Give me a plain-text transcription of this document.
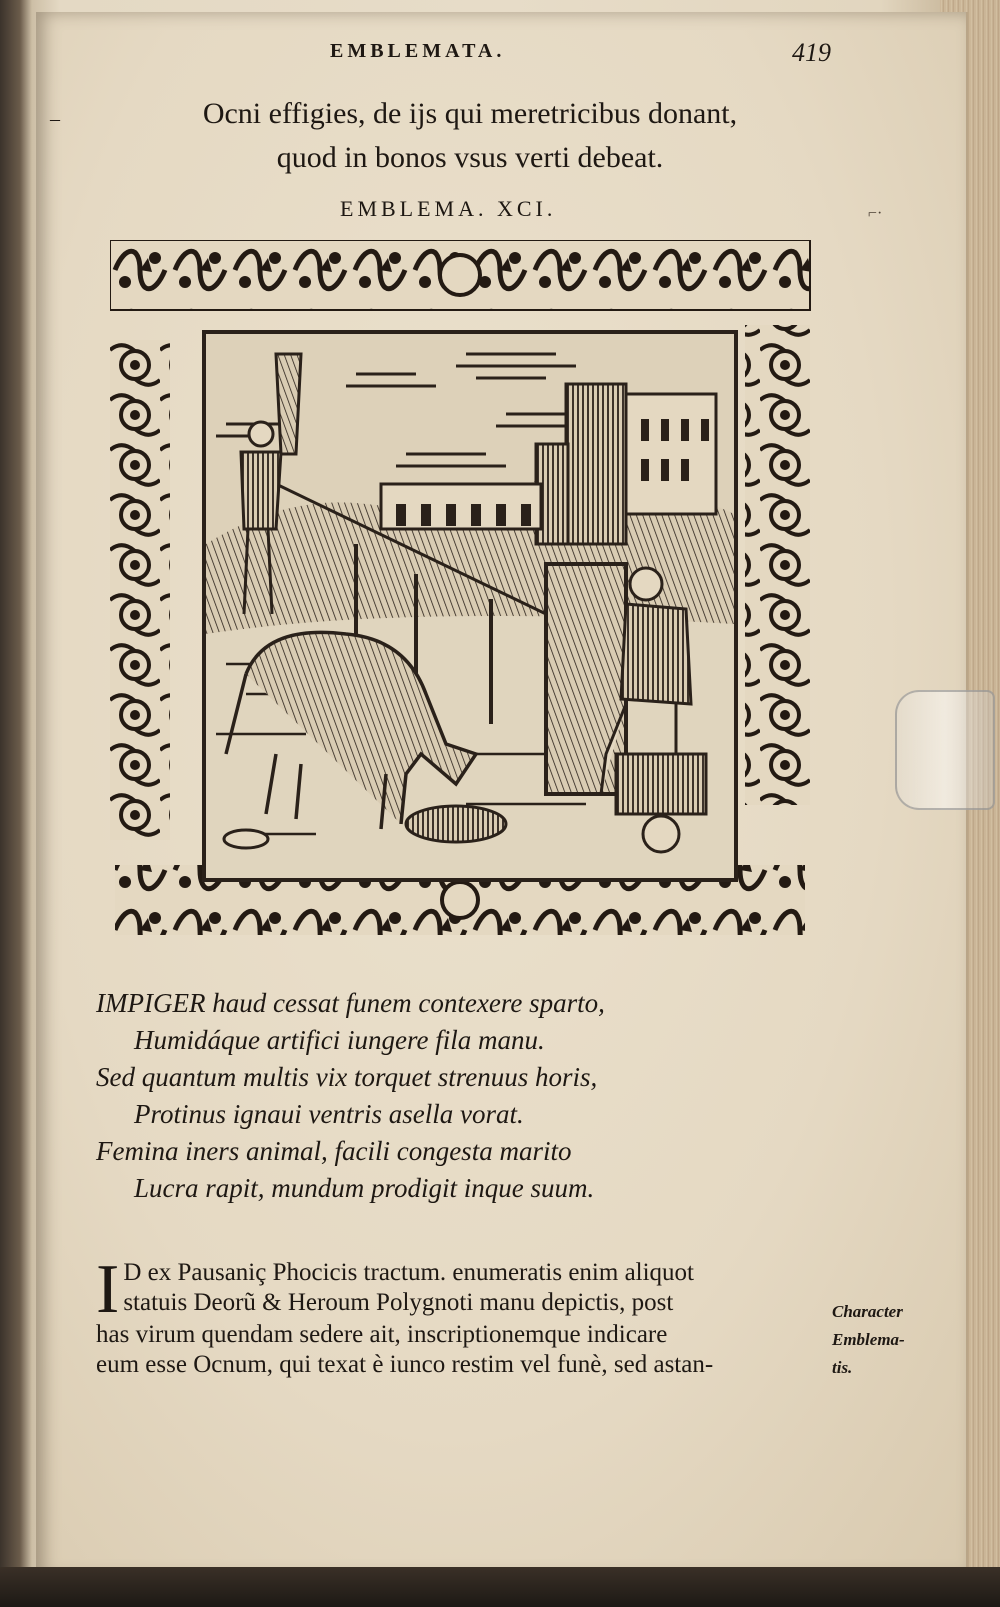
EMBLEMATA.	419
–	Ocni effigies, de ijs qui meretricibus donant,
quod in bonos vsus verti debeat.
EMBLEMA. XCI.	⌐·
IMPIGER haud cessat funem contexere sparto,
Humidáque artifici iungere fila manu.
Sed quantum multis vix torquet strenuus horis,
Protinus ignaui ventris asella vorat.
Femina iners animal, facili congesta marito
Lucra rapit, mundum prodigit inque suum.
I D ex Pausaniç Phocicis tractum. enumeratis enim aliquot
statuis Deorũ & Heroum Polygnoti manu depictis, post
has virum quendam sedere ait, inscriptionemque indicare
eum esse Ocnum, qui texat è iunco restim vel funè, sed astan-
Character
Emblema-
tis.
